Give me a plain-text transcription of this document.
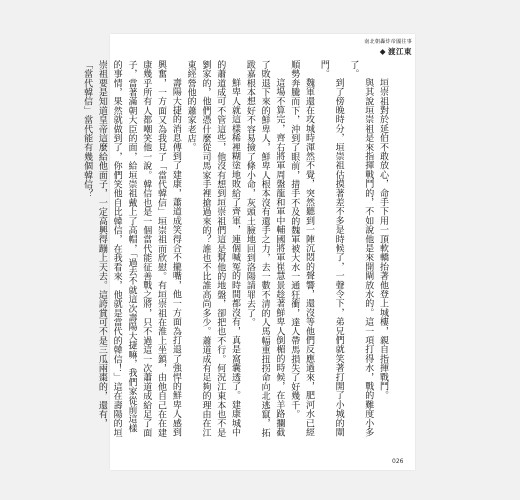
南北朝轟炸帝國往事
◆ 渡江東

垣崇祖對於延伯不敢放心，命手下用一頂軟轎抬著他登上城樓，親自指揮戰鬥。

與其說垣崇祖是來指揮戰鬥的，不如說他是來開閘放水的。這一項打得水，戰的難度小多了。

到了傍晚時分，垣崇祖估摸著差不多是時候了，一聲令下，弟兄們就笑著打開了小城的閘門。

魏軍還在攻城時渾然不覺，突然聽到一陣沉悶的聲響，還沒等他們反應過來，肥河水已經順勢奔騰而下，沖到了眼前，措手不及的魏軍被大水一通狂衝，達人帶馬損失了好幾千。

這場不算完，齊右將軍周盤龍和軍中輔國將軍崔慧景趁著鮮卑人倒楣的時候，在羊路攔截了敗退下來的鮮卑人，鮮卑人根本沒有還手之力，去一數不清的人馬幅重扭拐命向北逃竄，拓跋嘉根本想好不容易撿了條小命，灰頭土臉地回到洛陽請罪去了。

鮮卑人就這樣稀裡糊塗地敗給了齊軍，連個喊冤的時間都沒有，真是窩囊透了。建康城中的蕭道成可不管這些，他沒有想到垣崇祖們這是幫他的地盤，卻把也不行。何況江東本也不是劉家的，他們憑什麼從司馬家手裡搶過來的？誰也不比誰高尚多少。蕭道成有足夠的理由在江東經營他的蕭家老店。

壽陽大捷的消息傳到了建康，蕭道成笑得合不攏嘴，他一方面為打退了強悍的鮮卑人感到興奮，一方面又為我見了「當代韓信」垣崇祖而欣慰。有垣崇祖在淮上坐鎮，由他自己在在建康幾乎所有人都嘲笑他一說。韓信也是一個當代能征善戰之將，只不過這一次蕭道成給足了面子，當著滿朝大臣的面，給垣崇祖戴上了高帽，「過去不就這次壽陽大捷嘛，我們家從前這樣的事情，果然就做到了，你們笑他自比韓信，在我看來，他就是當代的韓信！」這在壽陽的垣崇祖要是知道皇帝這麼給他面子，一定高興得蹦上天去。這誇賞可不是三瓜兩棗的，還有，「當代韓信」當代能有幾個韓信？

026
